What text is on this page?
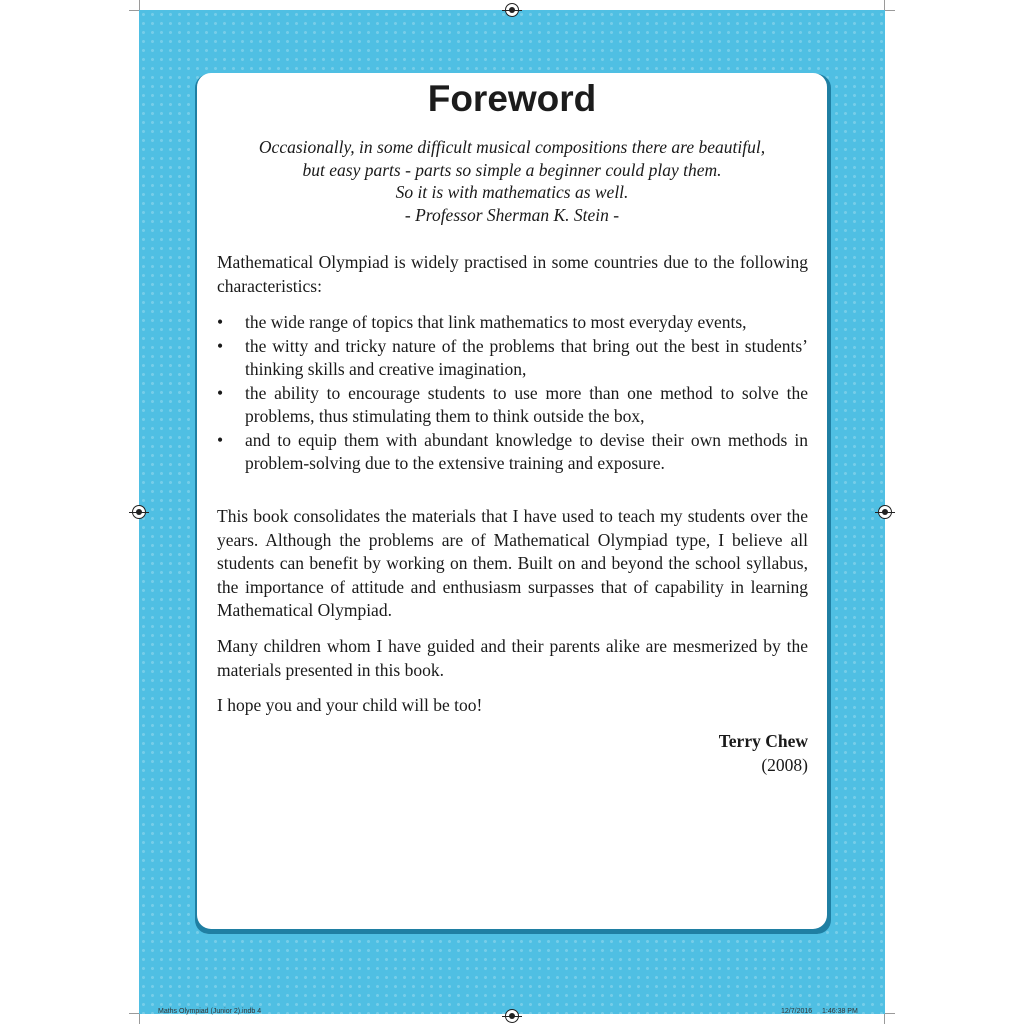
Foreword
Occasionally, in some difficult musical compositions there are beautiful,
but easy parts - parts so simple a beginner could play them.
So it is with mathematics as well.
- Professor Sherman K. Stein -

Mathematical Olympiad is widely practised in some countries due to the following characteristics:

• the wide range of topics that link mathematics to most everyday events,
• the witty and tricky nature of the problems that bring out the best in students’ thinking skills and creative imagination,
• the ability to encourage students to use more than one method to solve the problems, thus stimulating them to think outside the box,
• and to equip them with abundant knowledge to devise their own methods in problem-solving due to the extensive training and exposure.

This book consolidates the materials that I have used to teach my students over the years. Although the problems are of Mathematical Olympiad type, I believe all students can benefit by working on them. Built on and beyond the school syllabus, the importance of attitude and enthusiasm surpasses that of capability in learning Mathematical Olympiad.

Many children whom I have guided and their parents alike are mesmerized by the materials presented in this book.

I hope you and your child will be too!

Terry Chew
(2008)
Maths Olympiad (Junior 2).indb 4	12/7/2016 1:46:38 PM
